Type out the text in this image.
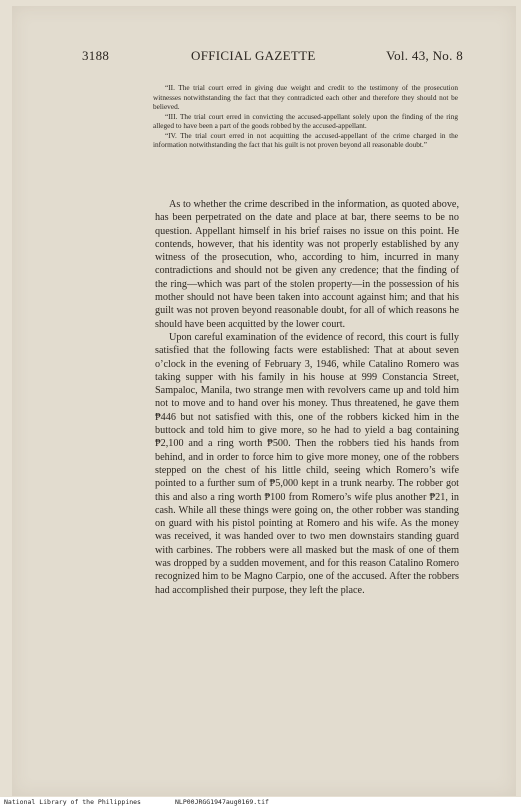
3188	OFFICIAL GAZETTE	Vol. 43, No. 8

“II. The trial court erred in giving due weight and credit to the testimony of the prosecution witnesses notwithstanding the fact that they contradicted each other and therefore they should not be believed.

“III. The trial court erred in convicting the accused-appellant solely upon the finding of the ring alleged to have been a part of the goods robbed by the accused-appellant.

“IV. The trial court erred in not acquitting the accused-appellant of the crime charged in the information notwithstanding the fact that his guilt is not proven beyond all reasonable doubt.”

As to whether the crime described in the information, as quoted above, has been perpetrated on the date and place at bar, there seems to be no question. Appellant himself in his brief raises no issue on this point. He contends, however, that his identity was not properly established by any witness of the prosecution, who, according to him, incurred in many contradictions and should not be given any credence; that the finding of the ring—which was part of the stolen property—in the possession of his mother should not have been taken into account against him; and that his guilt was not proven beyond reasonable doubt, for all of which reasons he should have been acquitted by the lower court.

Upon careful examination of the evidence of record, this court is fully satisfied that the following facts were established: That at about seven o’clock in the evening of February 3, 1946, while Catalino Romero was taking supper with his family in his house at 999 Constancia Street, Sampaloc, Manila, two strange men with revolvers came up and told him not to move and to hand over his money. Thus threatened, he gave them ₱446 but not satisfied with this, one of the robbers kicked him in the buttock and told him to give more, so he had to yield a bag containing ₱2,100 and a ring worth ₱500. Then the robbers tied his hands from behind, and in order to force him to give more money, one of the robbers stepped on the chest of his little child, seeing which Romero’s wife pointed to a further sum of ₱5,000 kept in a trunk nearby. The robber got this and also a ring worth ₱100 from Romero’s wife plus another ₱21, in cash. While all these things were going on, the other robber was standing on guard with his pistol pointing at Romero and his wife. As the money was received, it was handed over to two men downstairs standing guard with carbines. The robbers were all masked but the mask of one of them was dropped by a sudden movement, and for this reason Catalino Romero recognized him to be Magno Carpio, one of the accused. After the robbers had accomplished their purpose, they left the place.

National Library of the Philippines	NLP00JRGG1947aug0169.tif
